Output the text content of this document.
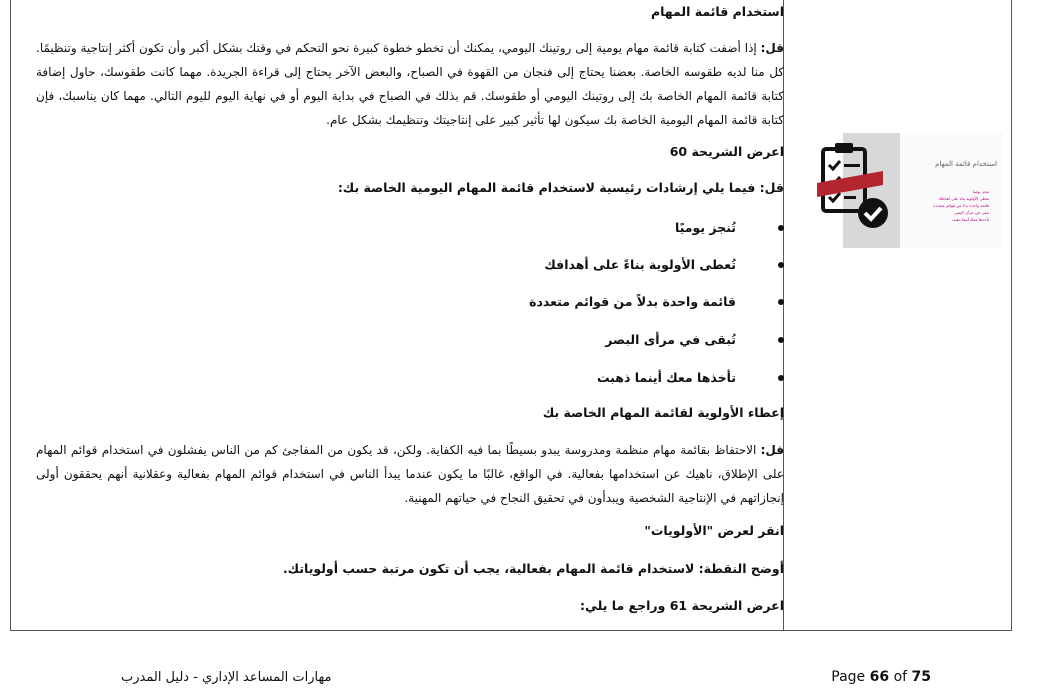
استخدام قائمة المهام
قل: إذا أضفت كتابة قائمة مهام يومية إلى روتينك اليومي، يمكنك أن تخطو خطوة كبيرة نحو التحكم في وقتك بشكل أكبر وأن تكون أكثر إنتاجية وتنظيمًا. كل منا لديه طقوسه الخاصة. بعضنا يحتاج إلى فنجان من القهوة في الصباح، والبعض الآخر يحتاج إلى قراءة الجريدة. مهما كانت طقوسك، حاول إضافة كتابة قائمة المهام الخاصة بك إلى روتينك اليومي أو طقوسك. قم بذلك في الصباح في بداية اليوم أو في نهاية اليوم لليوم التالي. مهما كان يناسبك، فإن كتابة قائمة المهام اليومية الخاصة بك سيكون لها تأثير كبير على إنتاجيتك وتنظيمك بشكل عام.
اعرض الشريحة 60
قل: فيما يلي إرشادات رئيسية لاستخدام قائمة المهام اليومية الخاصة بك:
تُنجز يوميًا
تُعطى الأولوية بناءً على أهدافك
قائمة واحدة بدلاً من قوائم متعددة
تُبقى في مرأى البصر
تأخذها معك أينما ذهبت
إعطاء الأولوية لقائمة المهام الخاصة بك
قل: الاحتفاظ بقائمة مهام منظمة ومدروسة يبدو بسيطًا بما فيه الكفاية. ولكن، قد يكون من المفاجئ كم من الناس يفشلون في استخدام قوائم المهام على الإطلاق، ناهيك عن استخدامها بفعالية. في الواقع، غالبًا ما يكون عندما يبدأ الناس في استخدام قوائم المهام بفعالية وعقلانية أنهم يحققون أولى إنجازاتهم في الإنتاجية الشخصية ويبدأون في تحقيق النجاح في حياتهم المهنية.
انقر لعرض "الأولويات"
أوضح النقطة: لاستخدام قائمة المهام بفعالية، يجب أن تكون مرتبة حسب أولوياتك.
اعرض الشريحة 61 وراجع ما يلي:
استخدام قائمة المهام
تنجز يوميا
تعطى الأولوية بناء على أهدافك
قائمة واحدة بدلا من قوائم متعددة
تبقى في مرأى البصر
تأخذها معك أينما ذهبت
مهارات المساعد الإداري - دليل المدرب	Page 66 of 75
